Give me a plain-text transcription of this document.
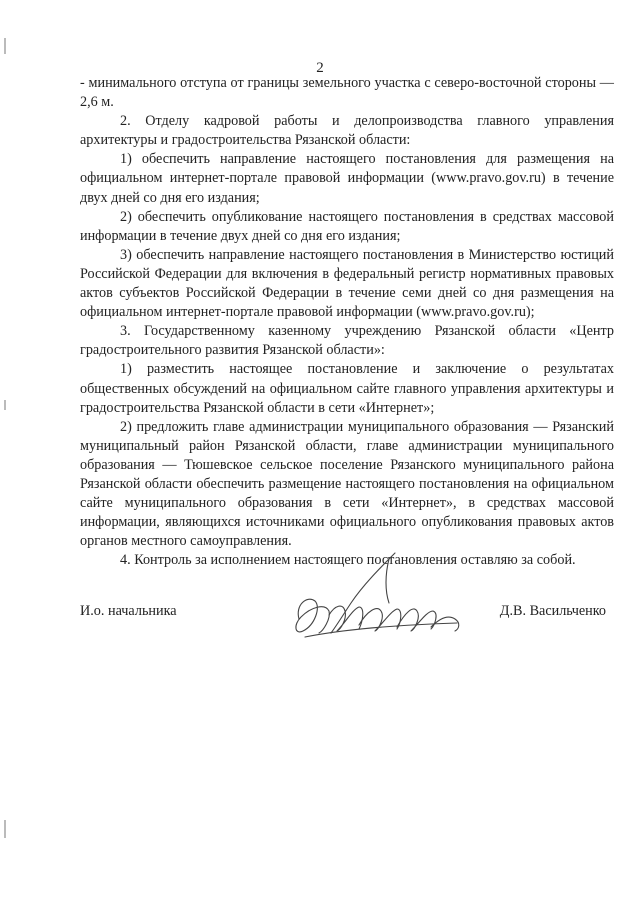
2

- минимального отступа от границы земельного участка с северо-восточной стороны — 2,6 м.

2. Отделу кадровой работы и делопроизводства главного управления архитектуры и градостроительства Рязанской области:

1) обеспечить направление настоящего постановления для размещения на официальном интернет-портале правовой информации (www.pravo.gov.ru) в течение двух дней со дня его издания;

2) обеспечить опубликование настоящего постановления в средствах массовой информации в течение двух дней со дня его издания;

3) обеспечить направление настоящего постановления в Министерство юстиций Российской Федерации для включения в федеральный регистр нормативных правовых актов субъектов Российской Федерации в течение семи дней со дня размещения на официальном интернет-портале правовой информации (www.pravo.gov.ru);

3. Государственному казенному учреждению Рязанской области «Центр градостроительного развития Рязанской области»:

1) разместить настоящее постановление и заключение о результатах общественных обсуждений на официальном сайте главного управления архитектуры и градостроительства Рязанской области в сети «Интернет»;

2) предложить главе администрации муниципального образования — Рязанский муниципальный район Рязанской области, главе администрации муниципального образования — Тюшевское сельское поселение Рязанского муниципального района Рязанской области обеспечить размещение настоящего постановления на официальном сайте муниципального образования в сети «Интернет», в средствах массовой информации, являющихся источниками официального опубликования правовых актов органов местного самоуправления.

4. Контроль за исполнением настоящего постановления оставляю за собой.

И.о. начальника	Д.В. Васильченко
